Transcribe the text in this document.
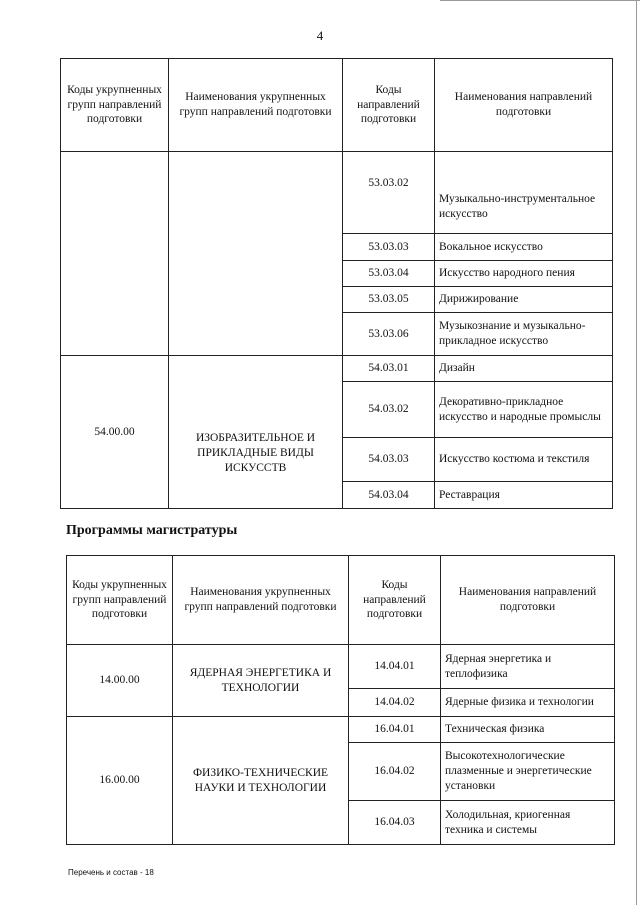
4
Коды укрупненных групп направлений подготовки	Наименования укрупненных групп направлений подготовки	Коды направлений подготовки	Наименования направлений подготовки
		53.03.02	Музыкально-инструментальное искусство
		53.03.03	Вокальное искусство
		53.03.04	Искусство народного пения
		53.03.05	Дирижирование
		53.03.06	Музыкознание и музыкально-прикладное искусство
54.00.00	ИЗОБРАЗИТЕЛЬНОЕ И ПРИКЛАДНЫЕ ВИДЫ ИСКУССТВ	54.03.01	Дизайн
		54.03.02	Декоративно-прикладное искусство и народные промыслы
		54.03.03	Искусство костюма и текстиля
		54.03.04	Реставрация
Программы магистратуры
Коды укрупненных групп направлений подготовки	Наименования укрупненных групп направлений подготовки	Коды направлений подготовки	Наименования направлений подготовки
14.00.00	ЯДЕРНАЯ ЭНЕРГЕТИКА И ТЕХНОЛОГИИ	14.04.01	Ядерная энергетика и теплофизика
		14.04.02	Ядерные физика и технологии
16.00.00	ФИЗИКО-ТЕХНИЧЕСКИЕ НАУКИ И ТЕХНОЛОГИИ	16.04.01	Техническая физика
		16.04.02	Высокотехнологические плазменные и энергетические установки
		16.04.03	Холодильная, криогенная техника и системы
Перечень и состав - 18
